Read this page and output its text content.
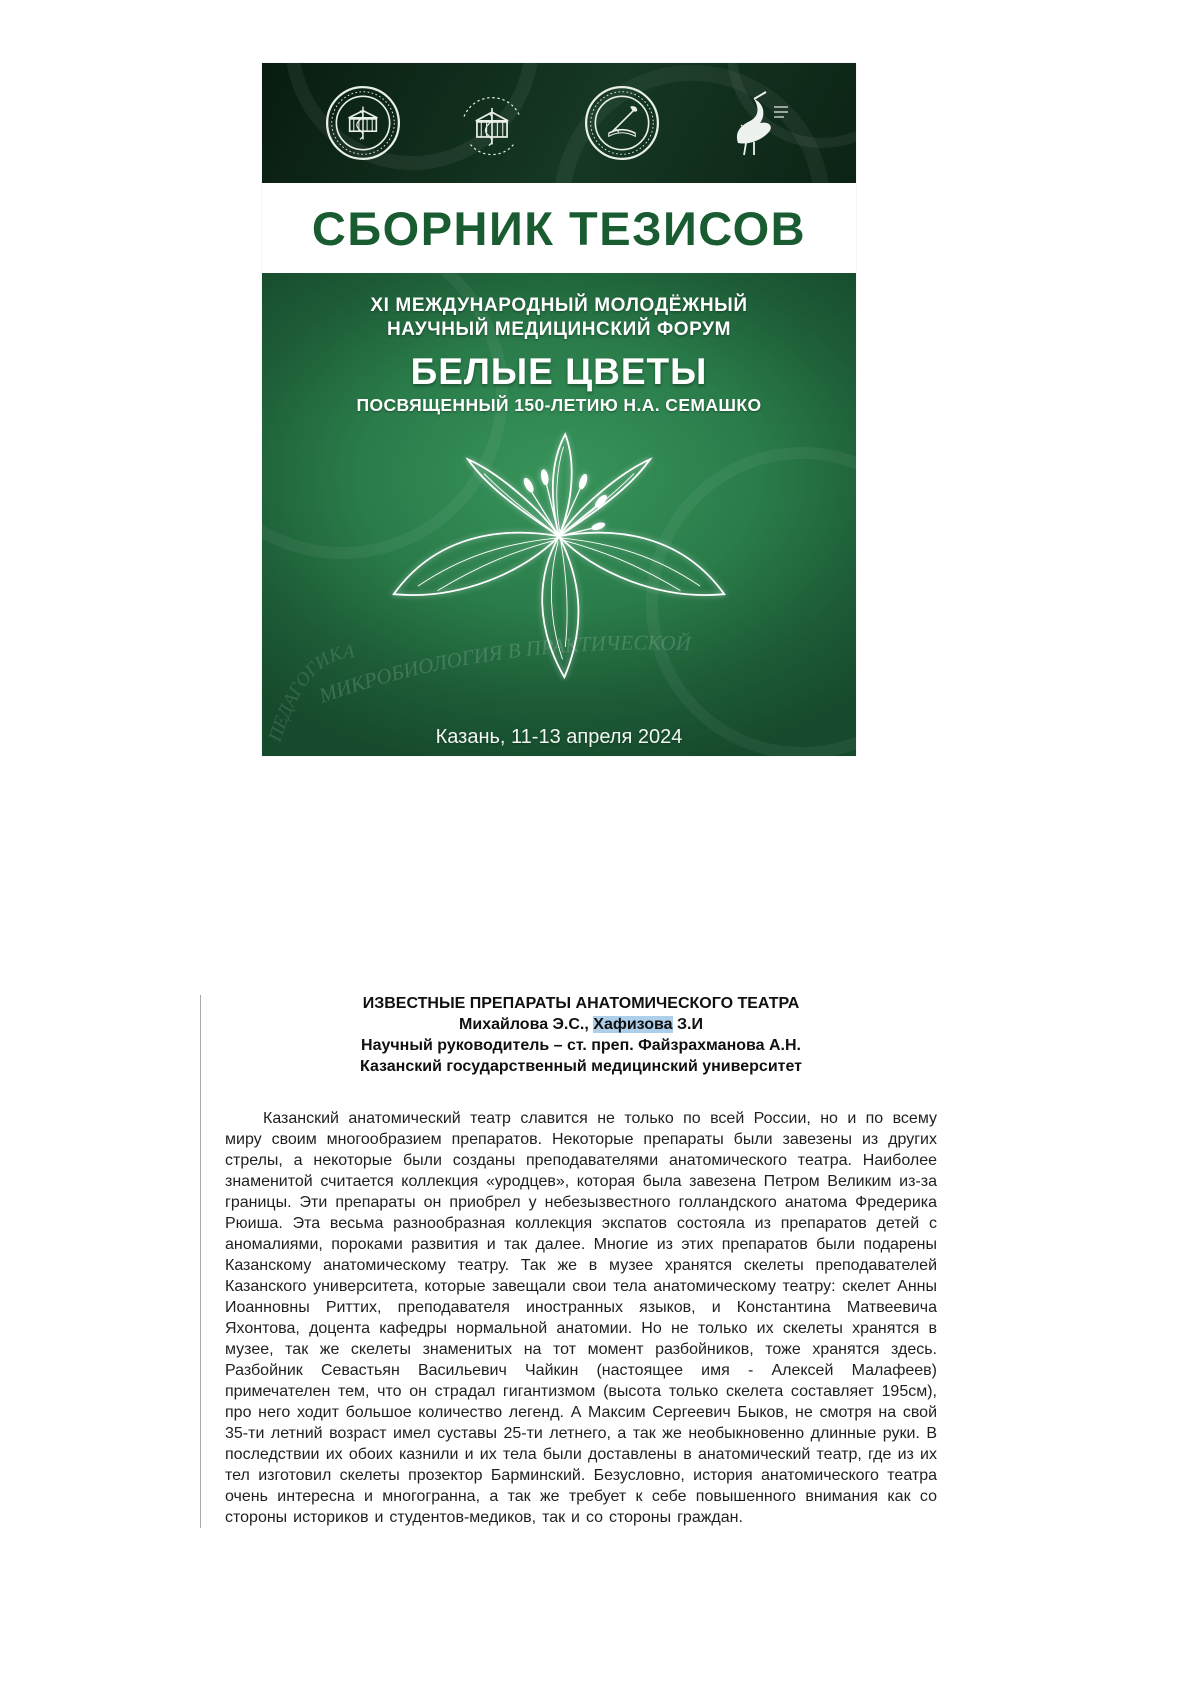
СБОРНИК ТЕЗИСОВ
МИКРОБИОЛОГИЯ В ПРАКТИЧЕСКОЙ
ПЕДАГОГИКА
XI МЕЖДУНАРОДНЫЙ МОЛОДЁЖНЫЙ
НАУЧНЫЙ МЕДИЦИНСКИЙ ФОРУМ
БЕЛЫЕ ЦВЕТЫ
ПОСВЯЩЕННЫЙ 150-ЛЕТИЮ Н.А. СЕМАШКО
Казань, 11-13 апреля 2024
ИЗВЕСТНЫЕ ПРЕПАРАТЫ АНАТОМИЧЕСКОГО ТЕАТРА
Михайлова Э.С., Хафизова З.И
Научный руководитель – ст. преп. Файзрахманова А.Н.
Казанский государственный медицинский университет

Казанский анатомический театр славится не только по всей России, но и по всему миру своим многообразием препаратов. Некоторые препараты были завезены из других стрелы, а некоторые были созданы преподавателями анатомического театра. Наиболее знаменитой считается коллекция «уродцев», которая была завезена Петром Великим из-за границы. Эти препараты он приобрел у небезызвестного голландского анатома Фредерика Рюиша. Эта весьма разнообразная коллекция экспатов состояла из препаратов детей с аномалиями, пороками развития и так далее. Многие из этих препаратов были подарены Казанскому анатомическому театру. Так же в музее хранятся скелеты преподавателей Казанского университета, которые завещали свои тела анатомическому театру: скелет Анны Иоанновны Риттих, преподавателя иностранных языков, и Константина Матвеевича Яхонтова, доцента кафедры нормальной анатомии. Но не только их скелеты хранятся в музее, так же скелеты знаменитых на тот момент разбойников, тоже хранятся здесь. Разбойник Севастьян Васильевич Чайкин (настоящее имя - Алексей Малафеев) примечателен тем, что он страдал гигантизмом (высота только скелета составляет 195см), про него ходит большое количество легенд. А Максим Сергеевич Быков, не смотря на свой 35-ти летний возраст имел суставы 25-ти летнего, а так же необыкновенно длинные руки. В последствии их обоих казнили и их тела были доставлены в анатомический театр, где из их тел изготовил скелеты прозектор Барминский. Безусловно, история анатомического театра очень интересна и многогранна, а так же требует к себе повышенного внимания как со стороны историков и студентов-медиков, так и со стороны граждан.
